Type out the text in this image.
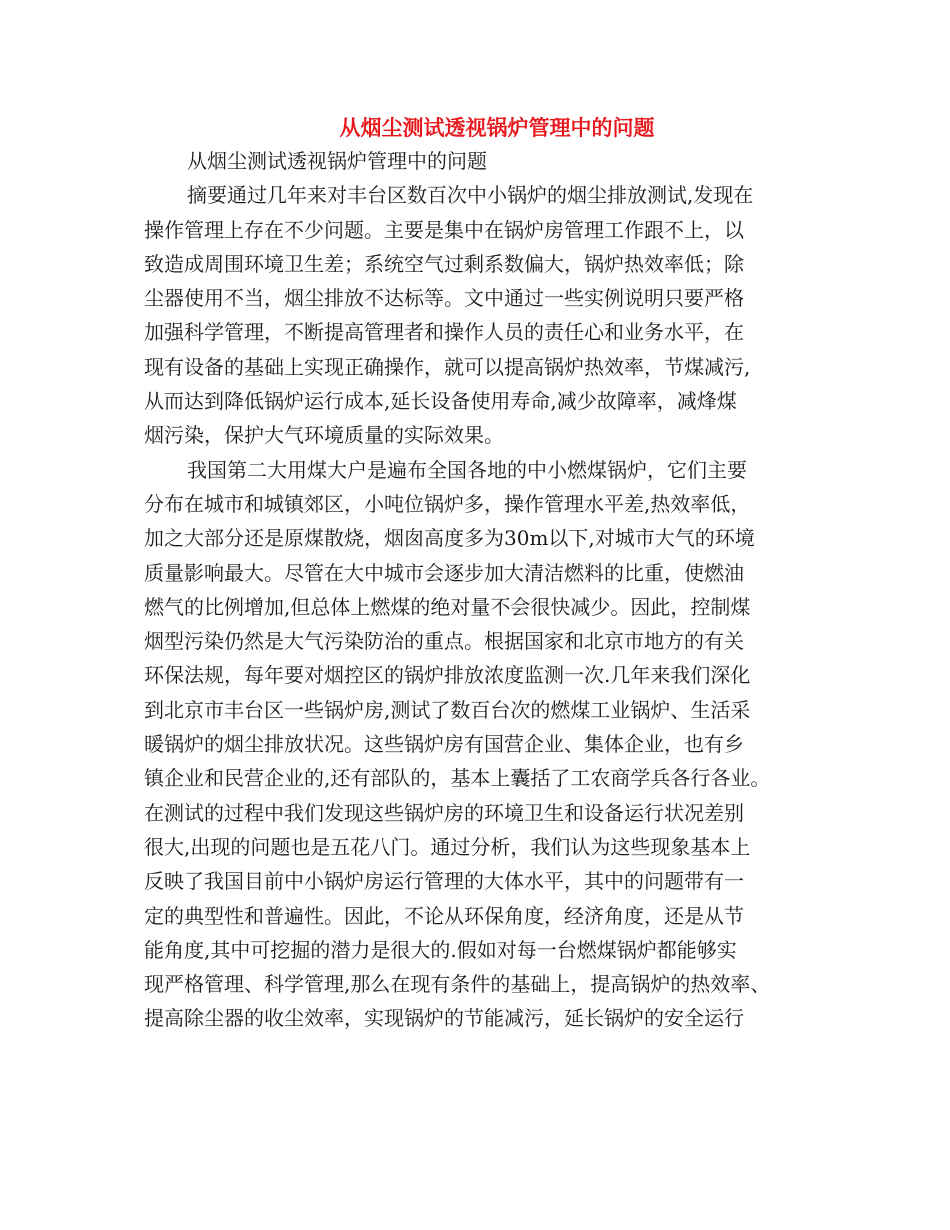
从烟尘测试透视锅炉管理中的问题
从烟尘测试透视锅炉管理中的问题
摘要通过几年来对丰台区数百次中小锅炉的烟尘排放测试,发现在
操作管理上存在不少问题。主要是集中在锅炉房管理工作跟不上，以
致造成周围环境卫生差；系统空气过剩系数偏大，锅炉热效率低；除
尘器使用不当，烟尘排放不达标等。文中通过一些实例说明只要严格
加强科学管理，不断提高管理者和操作人员的责任心和业务水平，在
现有设备的基础上实现正确操作，就可以提高锅炉热效率，节煤减污,
从而达到降低锅炉运行成本,延长设备使用寿命,减少故障率，减烽煤
烟污染，保护大气环境质量的实际效果。
我国第二大用煤大户是遍布全国各地的中小燃煤锅炉，它们主要
分布在城市和城镇郊区，小吨位锅炉多，操作管理水平差,热效率低，
加之大部分还是原煤散烧，烟囱高度多为30m以下,对城市大气的环境
质量影响最大。尽管在大中城市会逐步加大清洁燃料的比重，使燃油
燃气的比例增加,但总体上燃煤的绝对量不会很快减少。因此，控制煤
烟型污染仍然是大气污染防治的重点。根据国家和北京市地方的有关
环保法规，每年要对烟控区的锅炉排放浓度监测一次.几年来我们深化
到北京市丰台区一些锅炉房,测试了数百台次的燃煤工业锅炉、生活采
暖锅炉的烟尘排放状况。这些锅炉房有国营企业、集体企业，也有乡
镇企业和民营企业的,还有部队的，基本上囊括了工农商学兵各行各业。
在测试的过程中我们发现这些锅炉房的环境卫生和设备运行状况差别
很大,出现的问题也是五花八门。通过分析，我们认为这些现象基本上
反映了我国目前中小锅炉房运行管理的大体水平，其中的问题带有一
定的典型性和普遍性。因此，不论从环保角度，经济角度，还是从节
能角度,其中可挖掘的潜力是很大的.假如对每一台燃煤锅炉都能够实
现严格管理、科学管理,那么在现有条件的基础上，提高锅炉的热效率、
提高除尘器的收尘效率，实现锅炉的节能减污，延长锅炉的安全运行
